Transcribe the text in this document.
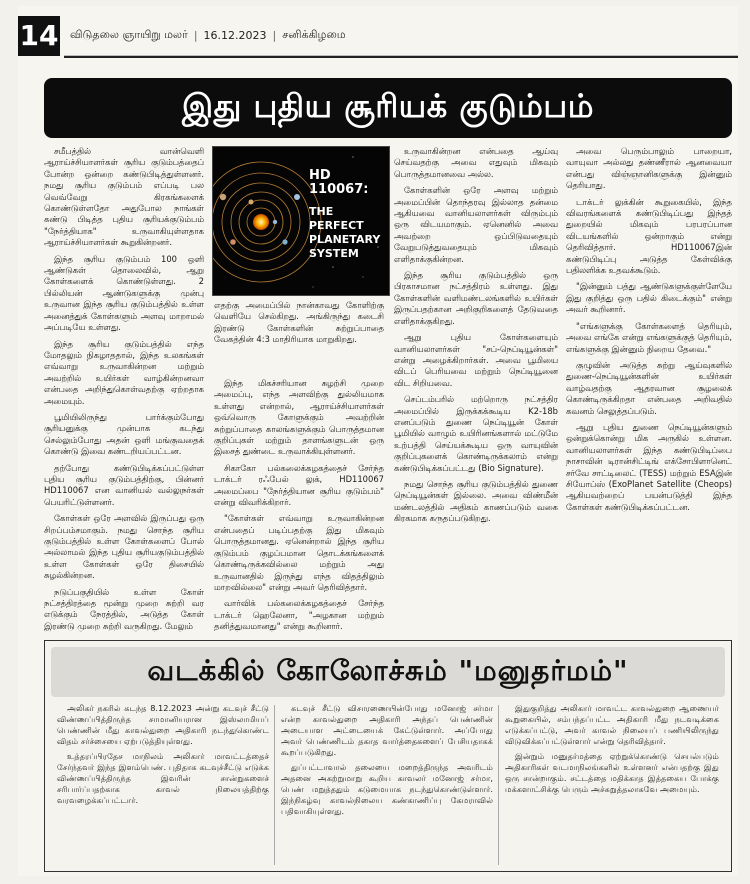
14	விடுதலை ஞாயிறு மலர் | 16.12.2023 | சனிக்கிழமை
இது புதிய சூரியக் குடும்பம்

சமீபத்தில் வான்வெளி ஆராய்ச்சியாளர்கள் சூரிய குடும்பத்தைப் போன்ற ஒன்றை கண்டுபிடித்துள்ளனர். நமது சூரிய குடும்பம் எப்படி பல வெவ்வேறு கிரகங்களைக் கொண்டுள்ளதோ அதுபோல நாங்கள் கண்டு பிடித்த புதிய சூரியக்குடும்பம் "நேர்த்தியாக" உருவாகியுள்ளதாக ஆராய்ச்சியாளர்கள் கூறுகின்றனர்.

இந்த சூரிய குடும்பம் 100 ஒளி ஆண்டுகள் தொலைவில், ஆறு கோள்களைக் கொண்டுள்ளது. 2 பில்லியன் ஆண்டுகளுக்கு முன்பு உருவான இந்த சூரிய குடும்பத்தில் உள்ள அனைத்துக் கோள்களும் அளவு மாறாமல் அப்படியே உள்ளது.

இந்த சூரிய குடும்பத்தில் எந்த மோதலும் நிகழாததால், இந்த உலகங்கள் எவ்வாறு உருவாகின்றன மற்றும் அவற்றில் உயிர்கள் வாழ்கின்றனவா என்பதை அறிந்துகொள்வதற்கு ஏற்றதாக அமையும்.

பூமியிலிருந்து பார்க்கும்போது சூரியனுக்கு முன்பாக கடந்து செல்லும்போது அதன் ஒளி மங்குவதைக் கொண்டு இவை கண்டறியப்பட்டன.

தற்போது கண்டுபிடிக்கப்பட்டுள்ள புதிய சூரிய குடும்பத்திற்கு, பின்னர் HD110067 என வானியல் வல்லுநர்கள் பெயரிட்டுள்ளனர்.

கோள்கள் ஒரே அளவில் இருப்பது ஒரு சிறப்பம்சமாகும். நமது சொந்த சூரிய குடும்பத்தில் உள்ள கோள்களைப் போல் அல்லாமல் இந்த புதிய சூரியகுடும்பத்தில் உள்ள கோள்கள் ஒரே திசையில் சுழல்கின்றன.

நடுப்பகுதியில் உள்ள கோள் நட்சத்திரத்தை மூன்று முறை சுற்றி வர எடுக்கும் நேரத்தில், அடுத்த கோள் இரண்டு முறை சுற்றி வருகிறது. மேலும்

HD 110067:
THE PERFECT PLANETARY SYSTEM
எதற்கு அமைப்பில் நான்காவது கோளிற்கு வெளியே செல்கிறது. அங்கிருந்து கடைசி இரண்டு கோள்களின் சுற்றுப்பாதை வேகத்தின் 4:3 மாதிரியாக மாறுகிறது.

இந்த மிகச்சரியான சுழற்சி முறை அமைப்பு, எந்த அளவிற்கு துல்லியமாக உள்ளது என்றால், ஆராய்ச்சியாளர்கள் ஒவ்வொரு கோளுக்கும் அவற்றின் சுற்றுப்பாதை காலங்களுக்கும் பொருத்தமான குறிப்புகள் மற்றும் தாளங்களுடன் ஒரு இசைத் துண்டை உருவாக்கியுள்ளனர்.

சிகாகோ பல்கலைக்கழகத்தைச் சேர்ந்த டாக்டர் ரஃபேல் லுக், HD110067 அமைப்பை "நேர்த்தியான சூரிய குடும்பம்" என்று விவரிக்கிறார்.

"கோள்கள் எவ்வாறு உருவாகின்றன என்பதைப் படிப்பதற்கு இது மிகவும் பொருத்தமானது. ஏனென்றால் இந்த சூரிய குடும்பம் குழப்பமான தொடக்கங்களைக் கொண்டிருக்கவில்லை மற்றும் அது உருவானதில் இருந்து எந்த விதத்திலும் மாறவில்லை" என்று அவர் தெரிவித்தார்.

வார்விக் பல்கலைக்கழகத்தைச் சேர்ந்த டாக்டர் ஹெலேனா, "அழகான மற்றும் தனித்துவமானது" என்று கூறினார்.

உருவாகின்றன என்பதை ஆய்வு செய்வதற்கு அவை எதுவும் மிகவும் பொருத்தமானவை அல்ல.

கோள்களின் ஒரே அளவு மற்றும் அமைப்பின் தொந்தரவு இல்லாத தன்மை ஆகியவை வானியலாளர்கள் விரும்பும் ஒரு விடயமாகும். ஏனெனில் அவை அவற்றை ஒப்பிடுவதையும் வேறுபடுத்துவதையும் மிகவும் எளிதாக்குகின்றன.

இந்த சூரிய குடும்பத்தில் ஒரு பிரகாசமான நட்சத்திரம் உள்ளது. இது கோள்களின் வளிமண்டலங்களில் உயிர்கள் இருப்பதற்கான அறிகுறிகளைத் தேடுவதை எளிதாக்குகிறது.

ஆறு புதிய கோள்களையும் வானியலாளர்கள் "சப்-நெப்டியூன்கள்" என்று அழைக்கிறார்கள். அவை பூமியை விடப் பெரியவை மற்றும் நெப்டியூனை விட சிறியவை.

செப்டம்பரில் மற்றொரு நட்சத்திர அமைப்பில் இருக்கக்கூடிய K2-18b எனப்படும் துணை நெப்டியூன் கோள் பூமியில் வாழும் உயிரினங்களால் மட்டுமே உற்பத்தி செய்யக்கூடிய ஒரு வாயுவின் குறிப்புகளைக் கொண்டிருக்கலாம் என்று கண்டுபிடிக்கப்பட்டது (Bio Signature).

நமது சொந்த சூரிய குடும்பத்தில் துணை நெப்டியூன்கள் இல்லை. அவை விண்மீன் மண்டலத்தில் அதிகம் காணப்படும் வகை கிரகமாக கருதப்படுகிறது.

அவை பெரும்பாலும் பாறையா, வாயுவா அல்லது தண்ணீரால் ஆனவையா என்பது விஞ்ஞானிகளுக்கு இன்னும் தெரியாது.

டாக்டர் லுக்கின் கூறுகையில், இந்த விவரங்களைக் கண்டுபிடிப்பது இந்தத் துறையில் மிகவும் பரபரப்பான விடயங்களில் ஒன்றாகும் என்று தெரிவித்தார். HD110067இன் கண்டுபிடிப்பு அடுத்த கேள்விக்கு பதிலளிக்க உதவக்கூடும்.

"இன்னும் பத்து ஆண்டுகளுக்குள்ளேயே இது குறித்து ஒரு பதில் கிடைக்கும்" என்று அவர் கூறினார்.

"எங்களுக்கு கோள்களைத் தெரியும், அவை எங்கே என்று எங்களுக்குத் தெரியும், எங்களுக்கு இன்னும் நிறைய தேவை."

குழுவின் அடுத்த சுற்று ஆய்வுகளில் துணை-நெப்டியூன்களின் உயிர்கள் வாழ்வதற்கு ஆதரவான சூழலைக் கொண்டிருக்கிறதா என்பதை அறிவதில் கவனம் செலுத்தப்படும்.

ஆறு புதிய துணை நெப்டியூன்களும் ஒன்றுக்கொன்று மிக அருகில் உள்ளன. வானியலாளர்கள் இந்த கண்டுபிடிப்பை நாசாவின் டிரான்சிட்டிங் எக்சோபிளானெட் சர்வே சாட்டிலைட் (TESS) மற்றும் ESAஇன் சியோப்ஸ் (ExoPlanet Satellite (Cheops) ஆகியவற்றைப் பயன்படுத்தி இந்த கோள்கள் கண்டுபிடிக்கப்பட்டன.

வடக்கில் கோலோச்சும் "மனுதர்மம்"

அலிகர் நகரில் கடந்த 8.12.2023 அன்று கடவுச் சீட்டு விண்ணப்பித்திருந்த சாமானியரான இஸ்லாமியப் பெண்ணின் மீது காவல்துறை அதிகாரி நடந்துகொண்ட விதம் சர்ச்சையை ஏற்படுத்தியுள்ளது.

உத்தரப்பிரதேச மாநிலம் அலிகார் மாவட்டத்தைச் சேர்ந்தவர் இந்த இளம்பெண். புதிதாக கடவுச்சீட்டு எடுக்க விண்ணப்பித்திருந்த இவரின் சான்றுகளைச் சரிபார்ப்பதற்காக காவல் நிலையத்திற்கு வரவழைக்கப்பட்டார்.

கடவுச் சீட்டு விசாரணையின்போது மனோஜ் சர்மா என்ற காவல்துறை அதிகாரி அந்தப் பெண்ணின் அடையாள அட்டையைக் கேட்டுள்ளார். அப்போது அவர் பெண்ணிடம் தகாத வார்த்தைகளைப் பேசியதாகக் கூறப்படுகிறது.

துப்பட்டாவால் தலையை மறைத்திருந்த அவரிடம் அதனை அகற்றுமாறு கூறிய காவலர் மனோஜ் சர்மா, பெண் மறுத்ததும் கடுமையாக நடந்துகொண்டுள்ளார். இந்நிகழ்வு காவல்நிலைய கண்காணிப்பு கேமராவில் பதிவாகியுள்ளது.

இதுகுறித்து அலிகார் மாவட்ட காவல்துறை ஆணையர் கூறுகையில், சம்பந்தப்பட்ட அதிகாரி மீது நடவடிக்கை எடுக்கப்பட்டு, அவர் காவல் நிலையப் பணியிலிருந்து விடுவிக்கப்பட்டுள்ளார் என்று தெரிவித்தார்.

இன்றும் மனுதர்மத்தை ஏற்றுக்கொண்டு செயல்படும் அதிகாரிகள் வடமாநிலங்களில் உள்ளனர் என்பதற்கு இது ஒரு சான்றாகும். சட்டத்தை மதிக்காத இத்தகைய போக்கு மக்களாட்சிக்கு பெரும் அச்சுறுத்தலாகவே அமையும்.
